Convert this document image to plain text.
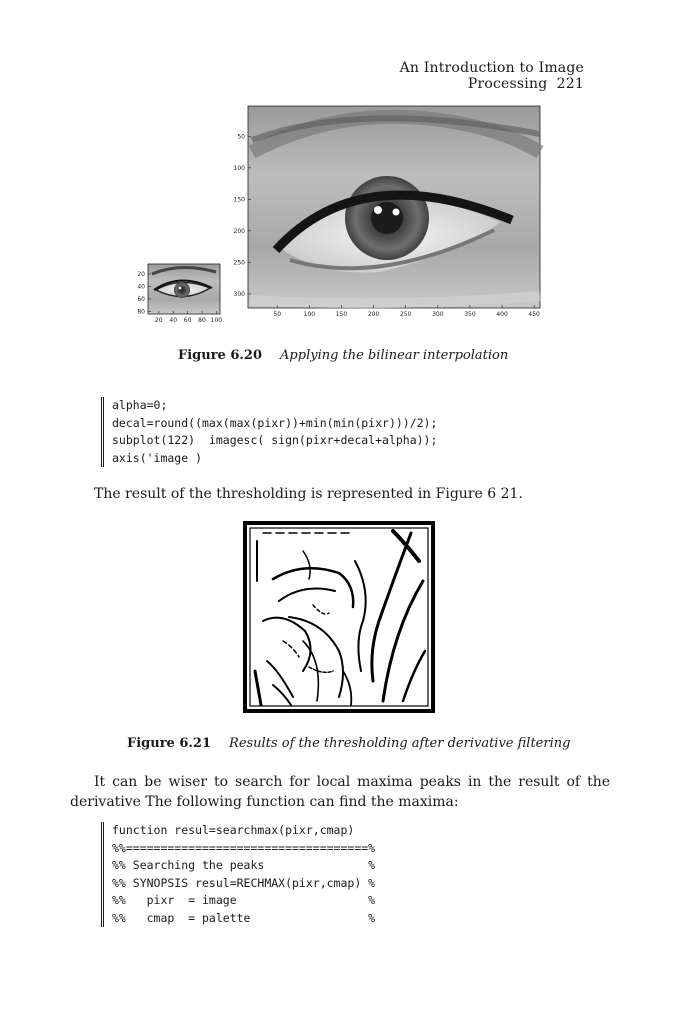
An Introduction to Image Processing 221
20
40
60
80
20 40 60 80 100
50
100
150
200
250
300
50	100	150	200	250	300	350	400	450
Figure 6.20 Applying the bilinear interpolation
alpha=0;
decal=round((max(max(pixr))+min(min(pixr)))/2);
subplot(122)  imagesc( sign(pixr+decal+alpha));
axis('image )
The result of the thresholding is represented in Figure 6 21.
Figure 6.21 Results of the thresholding after derivative filtering
It can be wiser to search for local maxima peaks in the result of the
derivative The following function can find the maxima:
function resul=searchmax(pixr,cmap)
%%===================================%
%% Searching the peaks               %
%% SYNOPSIS resul=RECHMAX(pixr,cmap) %
%%   pixr  = image                   %
%%   cmap  = palette                 %
